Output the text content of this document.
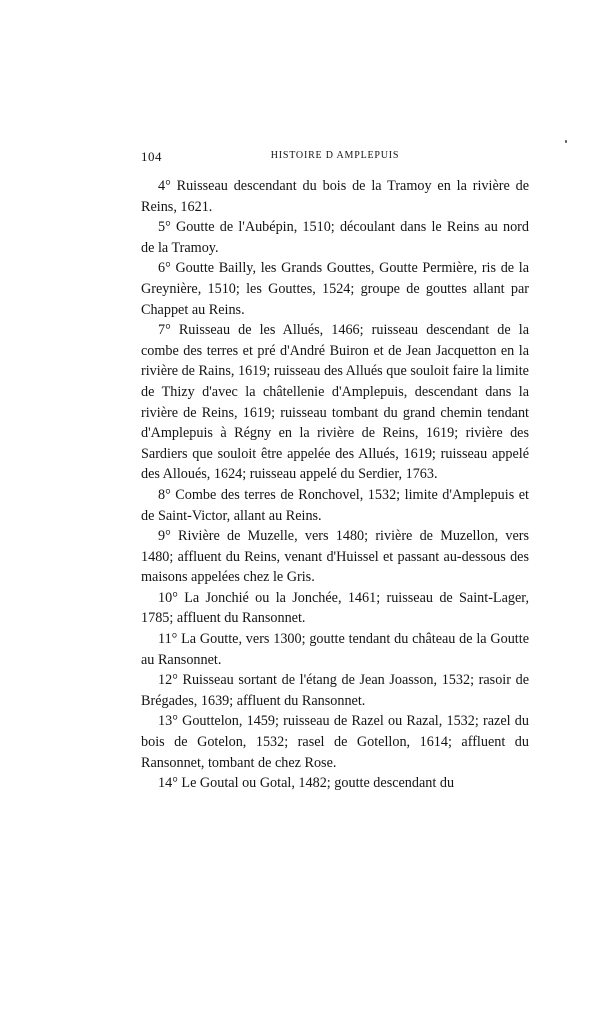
104	HISTOIRE D AMPLEPUIS

4° Ruisseau descendant du bois de la Tramoy en la rivière de Reins, 1621.

5° Goutte de l'Aubépin, 1510; découlant dans le Reins au nord de la Tramoy.

6° Goutte Bailly, les Grands Gouttes, Goutte Permière, ris de la Greynière, 1510; les Gouttes, 1524; groupe de gouttes allant par Chappet au Reins.

7° Ruisseau de les Allués, 1466; ruisseau descendant de la combe des terres et pré d'André Buiron et de Jean Jacquetton en la rivière de Rains, 1619; ruisseau des Allués que souloit faire la limite de Thizy d'avec la châtellenie d'Amplepuis, descendant dans la rivière de Reins, 1619; ruisseau tombant du grand chemin tendant d'Amplepuis à Régny en la rivière de Reins, 1619; rivière des Sardiers que souloit être appelée des Allués, 1619; ruisseau appelé des Alloués, 1624; ruisseau appelé du Serdier, 1763.

8° Combe des terres de Ronchovel, 1532; limite d'Amplepuis et de Saint-Victor, allant au Reins.

9° Rivière de Muzelle, vers 1480; rivière de Muzellon, vers 1480; affluent du Reins, venant d'Huissel et passant au-dessous des maisons appelées chez le Gris.

10° La Jonchié ou la Jonchée, 1461; ruisseau de Saint-Lager, 1785; affluent du Ransonnet.

11° La Goutte, vers 1300; goutte tendant du château de la Goutte au Ransonnet.

12° Ruisseau sortant de l'étang de Jean Joasson, 1532; rasoir de Brégades, 1639; affluent du Ransonnet.

13° Gouttelon, 1459; ruisseau de Razel ou Razal, 1532; razel du bois de Gotelon, 1532; rasel de Gotellon, 1614; affluent du Ransonnet, tombant de chez Rose.

14° Le Goutal ou Gotal, 1482; goutte descendant du
